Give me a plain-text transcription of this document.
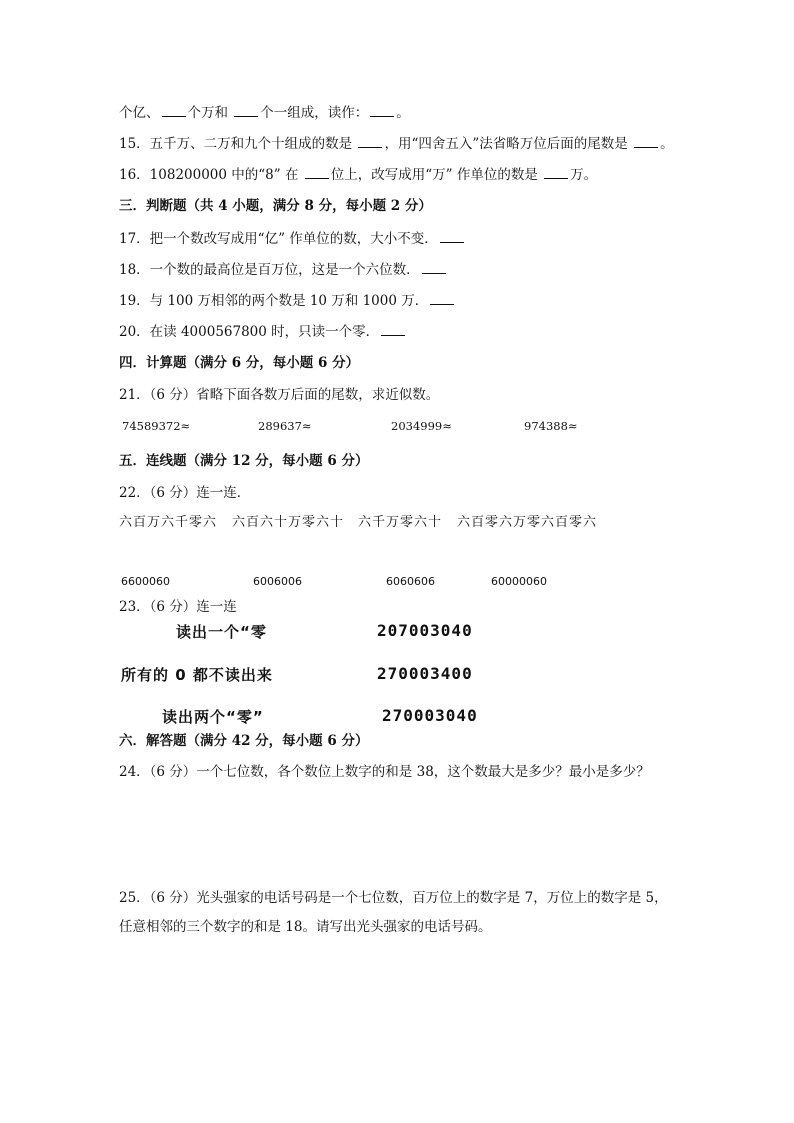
个亿、 个万和 个一组成，读作： 。
15．五千万、二万和九个十组成的数是 ，用“四舍五入”法省略万位后面的尾数是 。
16．108200000 中的“8” 在 位上，改写成用“万” 作单位的数是 万。
三．判断题（共 4 小题，满分 8 分，每小题 2 分）
17．把一个数改写成用“亿” 作单位的数，大小不变．
18．一个数的最高位是百万位，这是一个六位数．
19．与 100 万相邻的两个数是 10 万和 1000 万．
20．在读 4000567800 时，只读一个零．
四．计算题（满分 6 分，每小题 6 分）
21．（6 分）省略下面各数万后面的尾数，求近似数。
74589372≈	289637≈	2034999≈	974388≈
五．连线题（满分 12 分，每小题 6 分）
22．（6 分）连一连．
六百万六千零六 六百六十万零六十 六千万零六十 六百零六万零六百零六
6600060	6006006	6060606	60000060
23．（6 分）连一连
读出一个“零
所有的 0 都不读出来
读出两个“零”
207003040
270003400
270003040
六．解答题（满分 42 分，每小题 6 分）
24．（6 分）一个七位数，各个数位上数字的和是 38，这个数最大是多少？最小是多少？
25．（6 分）光头强家的电话号码是一个七位数，百万位上的数字是 7，万位上的数字是 5，
任意相邻的三个数字的和是 18。请写出光头强家的电话号码。
